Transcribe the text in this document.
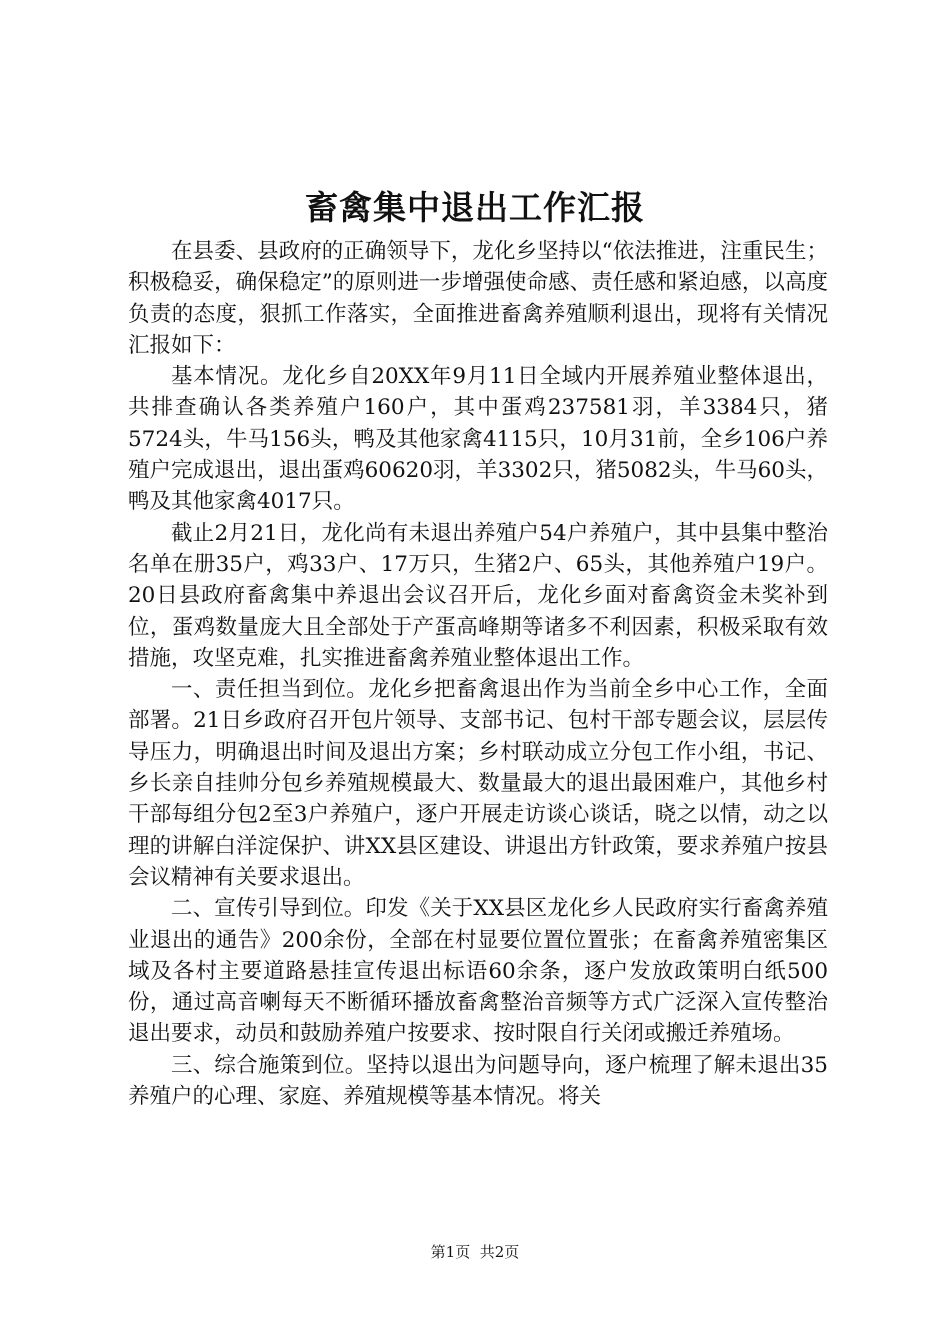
畜禽集中退出工作汇报

在县委、县政府的正确领导下，龙化乡坚持以“依法推进，注重民生；积极稳妥，确保稳定”的原则进一步增强使命感、责任感和紧迫感，以高度负责的态度，狠抓工作落实，全面推进畜禽养殖顺利退出，现将有关情况汇报如下：

基本情况。龙化乡自20XX年9月11日全域内开展养殖业整体退出，共排查确认各类养殖户160户，其中蛋鸡237581羽，羊3384只，猪5724头，牛马156头，鸭及其他家禽4115只，10月31前，全乡106户养殖户完成退出，退出蛋鸡60620羽，羊3302只，猪5082头，牛马60头，鸭及其他家禽4017只。

截止2月21日，龙化尚有未退出养殖户54户养殖户，其中县集中整治名单在册35户，鸡33户、17万只，生猪2户、65头，其他养殖户19户。20日县政府畜禽集中养退出会议召开后，龙化乡面对畜禽资金未奖补到位，蛋鸡数量庞大且全部处于产蛋高峰期等诸多不利因素，积极采取有效措施，攻坚克难，扎实推进畜禽养殖业整体退出工作。

一、责任担当到位。龙化乡把畜禽退出作为当前全乡中心工作，全面部署。21日乡政府召开包片领导、支部书记、包村干部专题会议，层层传导压力，明确退出时间及退出方案；乡村联动成立分包工作小组，书记、乡长亲自挂帅分包乡养殖规模最大、数量最大的退出最困难户，其他乡村干部每组分包2至3户养殖户，逐户开展走访谈心谈话，晓之以情，动之以理的讲解白洋淀保护、讲XX县区建设、讲退出方针政策，要求养殖户按县会议精神有关要求退出。

二、宣传引导到位。印发《关于XX县区龙化乡人民政府实行畜禽养殖业退出的通告》200余份，全部在村显要位置位置张；在畜禽养殖密集区域及各村主要道路悬挂宣传退出标语60余条，逐户发放政策明白纸500份，通过高音喇每天不断循环播放畜禽整治音频等方式广泛深入宣传整治退出要求，动员和鼓励养殖户按要求、按时限自行关闭或搬迁养殖场。

三、综合施策到位。坚持以退出为问题导向，逐户梳理了解未退出35养殖户的心理、家庭、养殖规模等基本情况。将关

第1页 共2页
